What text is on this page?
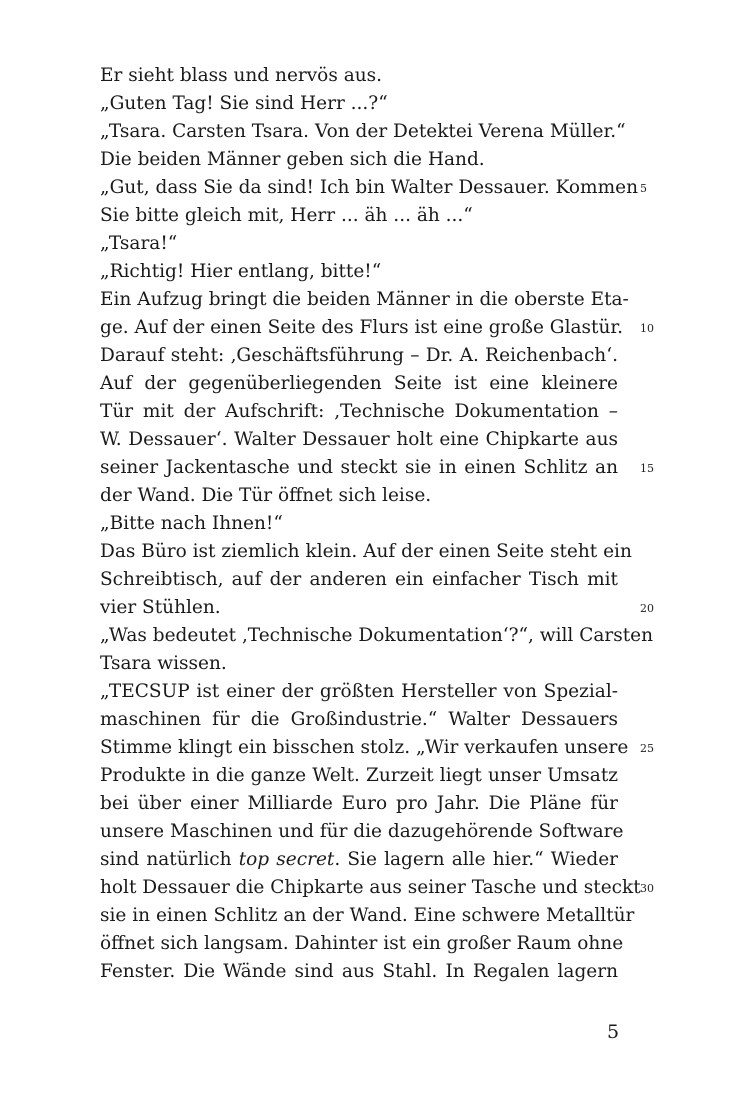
Er sieht blass und nervös aus.
„Guten Tag! Sie sind Herr ...?“
„Tsara. Carsten Tsara. Von der Detektei Verena Müller.“
Die beiden Männer geben sich die Hand.
„Gut, dass Sie da sind! Ich bin Walter Dessauer. Kommen 5
Sie bitte gleich mit, Herr ... äh ... äh ...“
„Tsara!“
„Richtig! Hier entlang, bitte!“
Ein Aufzug bringt die beiden Männer in die oberste Eta-
ge. Auf der einen Seite des Flurs ist eine große Glastür. 10
Darauf steht: ‚Geschäftsführung – Dr. A. Reichenbach‘.
Auf der gegenüberliegenden Seite ist eine kleinere
Tür mit der Aufschrift: ‚Technische Dokumentation –
W. Dessauer‘. Walter Dessauer holt eine Chipkarte aus
seiner Jackentasche und steckt sie in einen Schlitz an 15
der Wand. Die Tür öffnet sich leise.
„Bitte nach Ihnen!“
Das Büro ist ziemlich klein. Auf der einen Seite steht ein
Schreibtisch, auf der anderen ein einfacher Tisch mit
vier Stühlen.	20
„Was bedeutet ‚Technische Dokumentation‘?“, will Carsten
Tsara wissen.
„TECSUP ist einer der größten Hersteller von Spezial-
maschinen für die Großindustrie.“ Walter Dessauers
Stimme klingt ein bisschen stolz. „Wir verkaufen unsere 25
Produkte in die ganze Welt. Zurzeit liegt unser Umsatz
bei über einer Milliarde Euro pro Jahr. Die Pläne für
unsere Maschinen und für die dazugehörende Software
sind natürlich top secret. Sie lagern alle hier.“ Wieder
holt Dessauer die Chipkarte aus seiner Tasche und steckt 30
sie in einen Schlitz an der Wand. Eine schwere Metalltür
öffnet sich langsam. Dahinter ist ein großer Raum ohne
Fenster. Die Wände sind aus Stahl. In Regalen lagern
5
